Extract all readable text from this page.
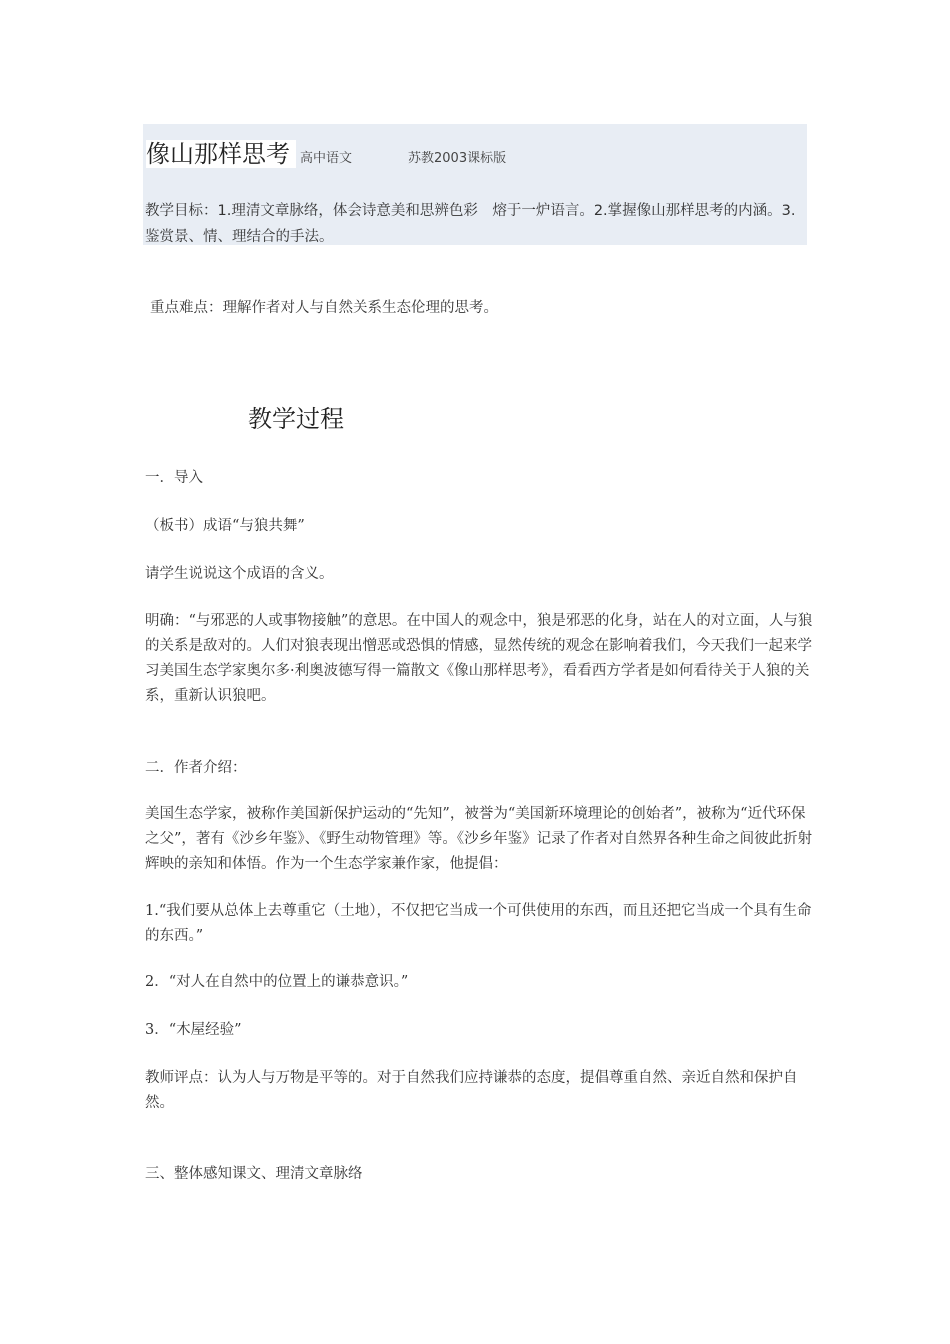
像山那样思考 高中语文	苏教2003课标版
教学目标：1.理清文章脉络，体会诗意美和思辨色彩　熔于一炉语言。2.掌握像山那样思考的内涵。3.鉴赏景、情、理结合的手法。
重点难点：理解作者对人与自然关系生态伦理的思考。
教学过程
一．导入
（板书）成语“与狼共舞”
请学生说说这个成语的含义。
明确：“与邪恶的人或事物接触”的意思。在中国人的观念中，狼是邪恶的化身，站在人的对立面，人与狼的关系是敌对的。人们对狼表现出憎恶或恐惧的情感，显然传统的观念在影响着我们，今天我们一起来学习美国生态学家奥尔多·利奥波德写得一篇散文《像山那样思考》，看看西方学者是如何看待关于人狼的关系，重新认识狼吧。
二．作者介绍：
美国生态学家，被称作美国新保护运动的“先知”，被誉为“美国新环境理论的创始者”，被称为“近代环保之父”，著有《沙乡年鉴》、《野生动物管理》等。《沙乡年鉴》记录了作者对自然界各种生命之间彼此折射辉映的亲知和体悟。作为一个生态学家兼作家，他提倡：
1.“我们要从总体上去尊重它（土地），不仅把它当成一个可供使用的东西，而且还把它当成一个具有生命的东西。”
2．“对人在自然中的位置上的谦恭意识。”
3．“木屋经验”
教师评点：认为人与万物是平等的。对于自然我们应持谦恭的态度，提倡尊重自然、亲近自然和保护自然。
三、整体感知课文、理清文章脉络
